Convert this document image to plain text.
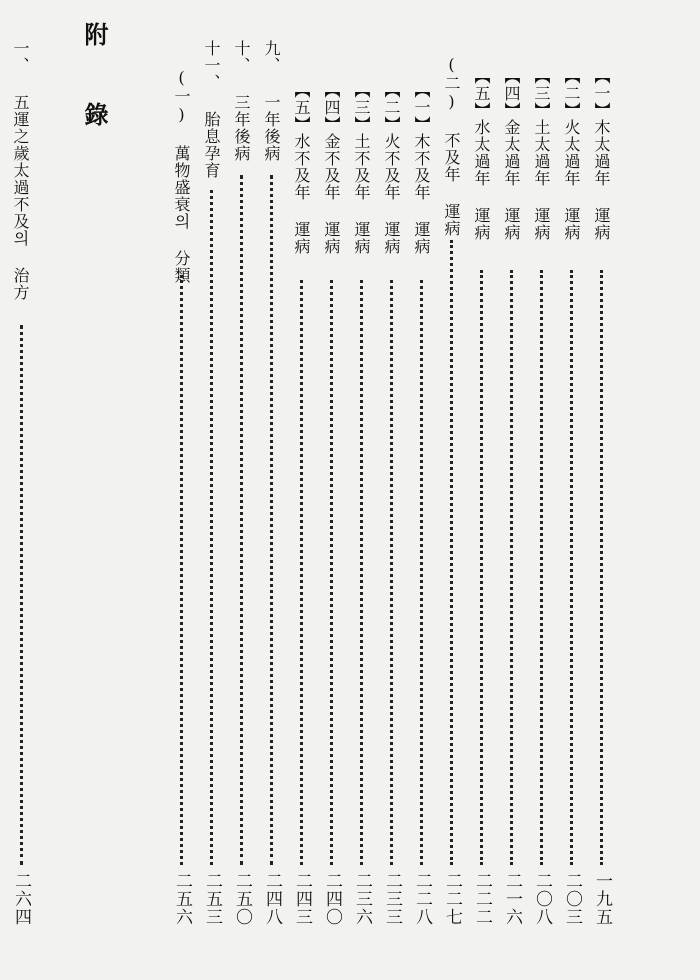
附
錄
一、 五運之歲太過不及의 治方
二六四
【一】木太過年 運病
一九五
【二】火太過年 運病
二〇三
【三】土太過年 運病
二〇八
【四】金太過年 運病
二一六
【五】水太過年 運病
二二二
(二) 不及年 運病
二二七
【一】木不及年 運病
二二八
【二】火不及年 運病
二三三
【三】土不及年 運病
二三六
【四】金不及年 運病
二四〇
【五】水不及年 運病
二四三
九、 一年後病
二四八
十、 三年後病
二五〇
十一、 胎息孕育
二五三
(一) 萬物盛衰의 分類
二五六
